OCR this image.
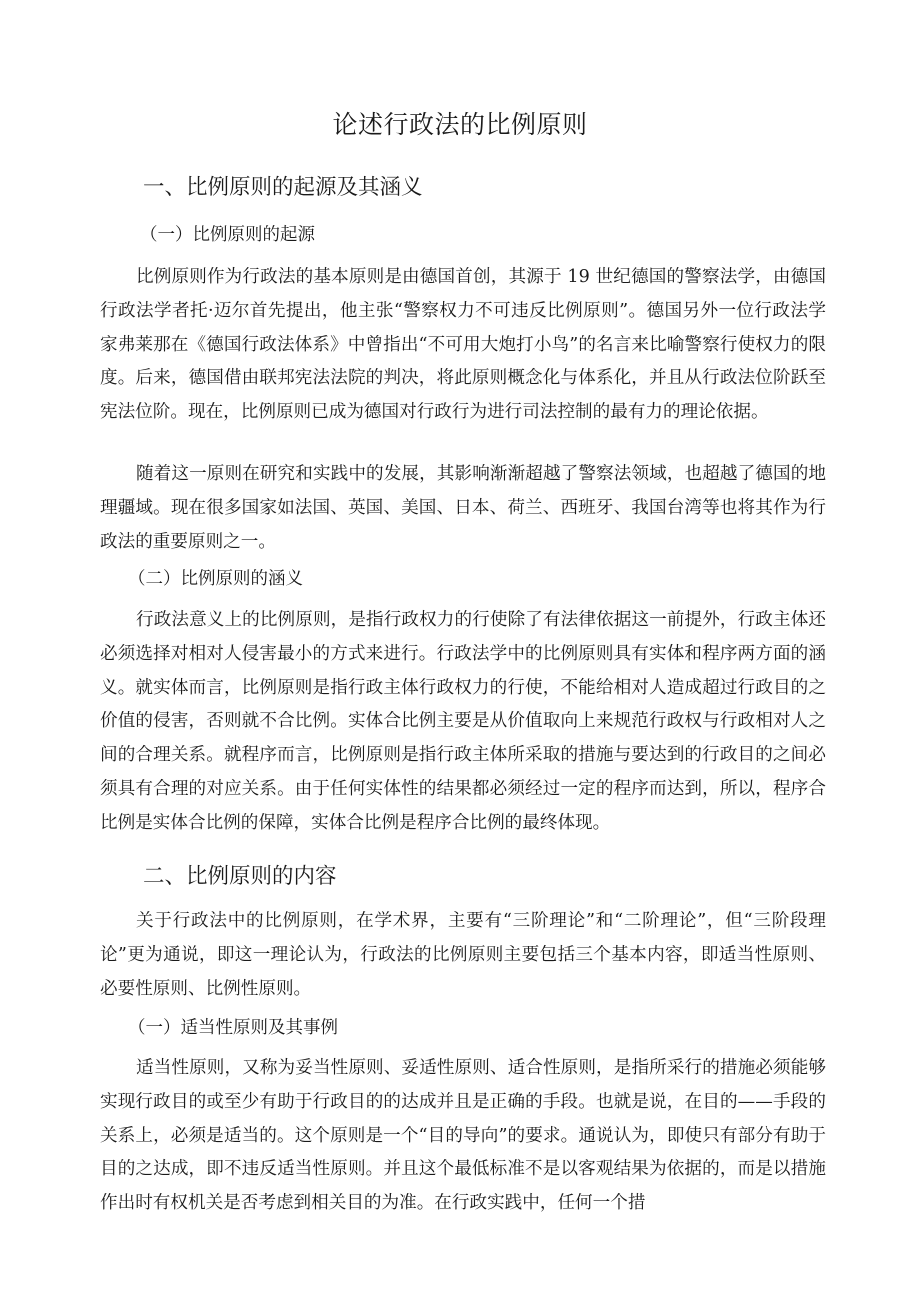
论述行政法的比例原则
一、比例原则的起源及其涵义
（一）比例原则的起源

比例原则作为行政法的基本原则是由德国首创，其源于 19 世纪德国的警察法学，由德国行政法学者托·迈尔首先提出，他主张“警察权力不可违反比例原则”。德国另外一位行政法学家弗莱那在《德国行政法体系》中曾指出“不可用大炮打小鸟”的名言来比喻警察行使权力的限度。后来，德国借由联邦宪法法院的判决，将此原则概念化与体系化，并且从行政法位阶跃至宪法位阶。现在，比例原则已成为德国对行政行为进行司法控制的最有力的理论依据。

随着这一原则在研究和实践中的发展，其影响渐渐超越了警察法领域，也超越了德国的地理疆域。现在很多国家如法国、英国、美国、日本、荷兰、西班牙、我国台湾等也将其作为行政法的重要原则之一。

（二）比例原则的涵义

行政法意义上的比例原则，是指行政权力的行使除了有法律依据这一前提外，行政主体还必须选择对相对人侵害最小的方式来进行。行政法学中的比例原则具有实体和程序两方面的涵义。就实体而言，比例原则是指行政主体行政权力的行使，不能给相对人造成超过行政目的之价值的侵害，否则就不合比例。实体合比例主要是从价值取向上来规范行政权与行政相对人之间的合理关系。就程序而言，比例原则是指行政主体所采取的措施与要达到的行政目的之间必须具有合理的对应关系。由于任何实体性的结果都必须经过一定的程序而达到，所以，程序合比例是实体合比例的保障，实体合比例是程序合比例的最终体现。

二、比例原则的内容

关于行政法中的比例原则，在学术界，主要有“三阶理论”和“二阶理论”，但“三阶段理论”更为通说，即这一理论认为，行政法的比例原则主要包括三个基本内容，即适当性原则、必要性原则、比例性原则。

（一）适当性原则及其事例

适当性原则，又称为妥当性原则、妥适性原则、适合性原则，是指所采行的措施必须能够实现行政目的或至少有助于行政目的的达成并且是正确的手段。也就是说，在目的——手段的关系上，必须是适当的。这个原则是一个“目的导向”的要求。通说认为，即使只有部分有助于目的之达成，即不违反适当性原则。并且这个最低标准不是以客观结果为依据的，而是以措施作出时有权机关是否考虑到相关目的为准。在行政实践中，任何一个措
